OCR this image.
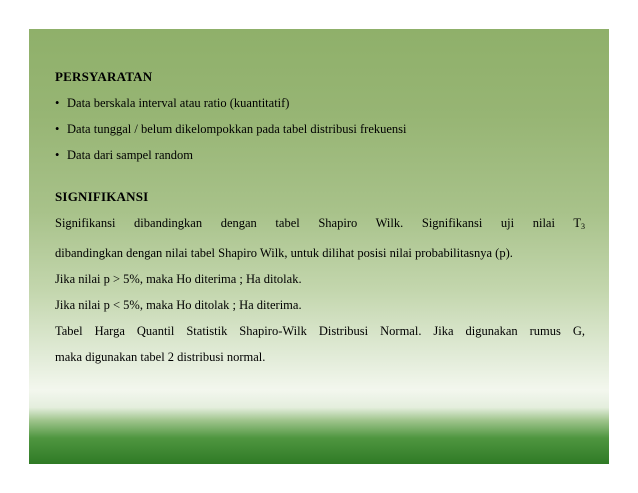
PERSYARATAN

• Data berskala interval atau ratio (kuantitatif)
• Data tunggal / belum dikelompokkan pada tabel distribusi frekuensi
• Data dari sampel random

SIGNIFIKANSI

Signifikansi dibandingkan dengan tabel Shapiro Wilk. Signifikansi uji nilai $T_3$

dibandingkan dengan nilai tabel Shapiro Wilk, untuk dilihat posisi nilai probabilitasnya (p).

Jika nilai p > 5%, maka Ho diterima ; Ha ditolak.

Jika nilai p < 5%, maka Ho ditolak ; Ha diterima.

Tabel Harga Quantil Statistik Shapiro-Wilk Distribusi Normal. Jika digunakan rumus G,

maka digunakan tabel 2 distribusi normal.
